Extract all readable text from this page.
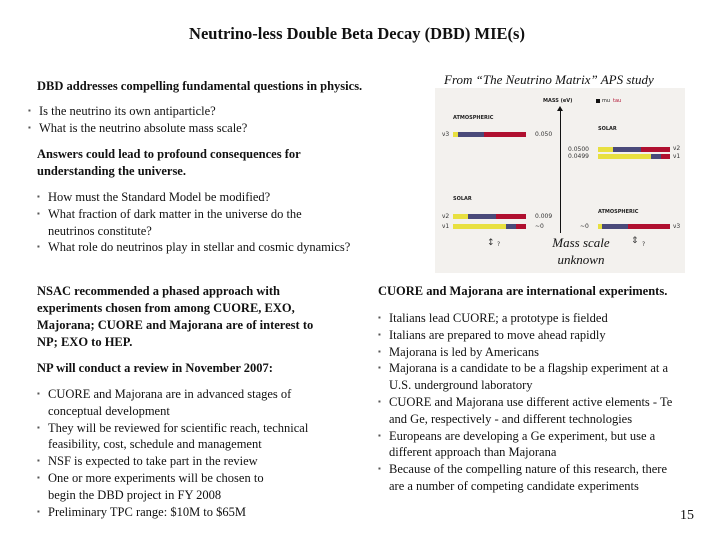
Neutrino-less Double Beta Decay (DBD) MIE(s)
DBD addresses compelling fundamental questions in physics.	From “The Neutrino Matrix” APS study
▪ Is the neutrino its own antiparticle?
▪ What is the neutrino absolute mass scale?
Answers could lead to profound consequences for
understanding the universe.
▪ How must the Standard Model be modified?
▪ What fraction of dark matter in the universe do the
neutrinos constitute?
▪ What role do neutrinos play in stellar and cosmic dynamics?
NSAC recommended a phased approach with
experiments chosen from among CUORE, EXO,
Majorana; CUORE and Majorana are of interest to
NP; EXO to HEP.
NP will conduct a review in November 2007:
▪ CUORE and Majorana are in advanced stages of
conceptual development
▪ They will be reviewed for scientific reach, technical
feasibility, cost, schedule and management
▪ NSF is expected to take part in the review
▪ One or more experiments will be chosen to
begin the DBD project in FY 2008
▪ Preliminary TPC range: $10M to $65M
CUORE and Majorana are international experiments.
▪ Italians lead CUORE; a prototype is fielded
▪ Italians are prepared to move ahead rapidly
▪ Majorana is led by Americans
▪ Majorana is a candidate to be a flagship experiment at a
U.S. underground laboratory
▪ CUORE and Majorana use different active elements - Te
and Ge, respectively - and different technologies
▪ Europeans are developing a Ge experiment, but use a
different approach than Majorana
▪ Because of the compelling nature of this research, there
are a number of competing candidate experiments
15
MASS (eV)	mu tau
ATMOSPHERIC
ν3	0.050
SOLAR
0.0500
0.0499
ν2
ν1
SOLAR
ν2
ν1
0.009
~0
ATMOSPHERIC
~0	ν3
↕ ?	⇕ ?
Mass scale
unknown
